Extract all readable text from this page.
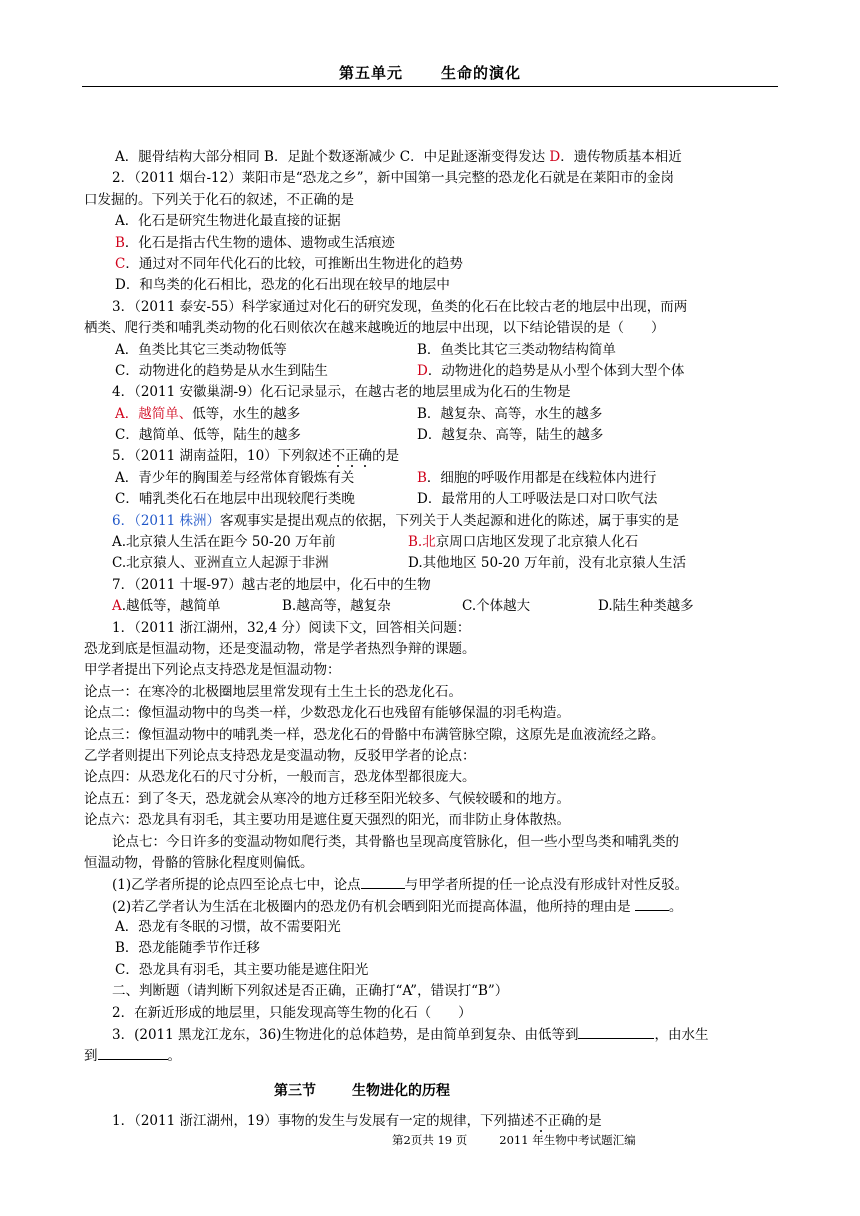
第五单元	生命的演化
A．腿骨结构大部分相同 B．足趾个数逐渐减少 C．中足趾逐渐变得发达 D．遗传物质基本相近
2．（2011 烟台-12）莱阳市是“恐龙之乡”，新中国第一具完整的恐龙化石就是在莱阳市的金岗
口发掘的。下列关于化石的叙述，不正确的是
A．化石是研究生物进化最直接的证据
B．化石是指古代生物的遗体、遗物或生活痕迹
C．通过对不同年代化石的比较，可推断出生物进化的趋势
D．和鸟类的化石相比，恐龙的化石出现在较早的地层中
3．（2011 泰安-55）科学家通过对化石的研究发现，鱼类的化石在比较古老的地层中出现，而两
栖类、爬行类和哺乳类动物的化石则依次在越来越晚近的地层中出现，以下结论错误的是（　　）
A．鱼类比其它三类动物低等	B．鱼类比其它三类动物结构简单
C．动物进化的趋势是从水生到陆生	D．动物进化的趋势是从小型个体到大型个体
4．（2011 安徽巢湖-9）化石记录显示，在越古老的地层里成为化石的生物是
A．越简单、低等，水生的越多	B．越复杂、高等，水生的越多
C．越简单、低等，陆生的越多	D．越复杂、高等，陆生的越多
5．（2011 湖南益阳，10）下列叙述不正确的是
A．青少年的胸围差与经常体育锻炼有关	B．细胞的呼吸作用都是在线粒体内进行
C．哺乳类化石在地层中出现较爬行类晚	D．最常用的人工呼吸法是口对口吹气法
6．（2011 株洲）客观事实是提出观点的依据，下列关于人类起源和进化的陈述，属于事实的是
A.北京猿人生活在距今 50-20 万年前	B.北京周口店地区发现了北京猿人化石
C.北京猿人、亚洲直立人起源于非洲	D.其他地区 50-20 万年前，没有北京猿人生活
7．（2011 十堰-97）越古老的地层中，化石中的生物
A.越低等，越简单	B.越高等，越复杂	C.个体越大	D.陆生种类越多
1．（2011 浙江湖州，32,4 分）阅读下文，回答相关问题：
恐龙到底是恒温动物，还是变温动物，常是学者热烈争辩的课题。
甲学者提出下列论点支持恐龙是恒温动物：
论点一：在寒冷的北极圈地层里常发现有土生土长的恐龙化石。
论点二：像恒温动物中的鸟类一样，少数恐龙化石也残留有能够保温的羽毛构造。
论点三：像恒温动物中的哺乳类一样，恐龙化石的骨骼中布满管脉空隙，这原先是血液流经之路。
乙学者则提出下列论点支持恐龙是变温动物，反驳甲学者的论点：
论点四：从恐龙化石的尺寸分析，一般而言，恐龙体型都很庞大。
论点五：到了冬天，恐龙就会从寒冷的地方迁移至阳光较多、气候较暖和的地方。
论点六：恐龙具有羽毛，其主要功用是遮住夏天强烈的阳光，而非防止身体散热。
论点七：今日许多的变温动物如爬行类，其骨骼也呈现高度管脉化，但一些小型鸟类和哺乳类的
恒温动物，骨骼的管脉化程度则偏低。
(1)乙学者所提的论点四至论点七中，论点	与甲学者所提的任一论点没有形成针对性反驳。
(2)若乙学者认为生活在北极圈内的恐龙仍有机会晒到阳光而提高体温，他所持的理由是	。
A．恐龙有冬眠的习惯，故不需要阳光
B．恐龙能随季节作迁移
C．恐龙具有羽毛，其主要功能是遮住阳光
二、判断题（请判断下列叙述是否正确，正确打“A”，错误打“B”）
2．在新近形成的地层里，只能发现高等生物的化石（　　）
3．(2011 黑龙江龙东，36)生物进化的总体趋势，是由简单到复杂、由低等到	，由水生
到	。
第三节	生物进化的历程
1．（2011 浙江湖州，19）事物的发生与发展有一定的规律，下列描述不正确的是
第2页共 19 页	2011 年生物中考试题汇编
